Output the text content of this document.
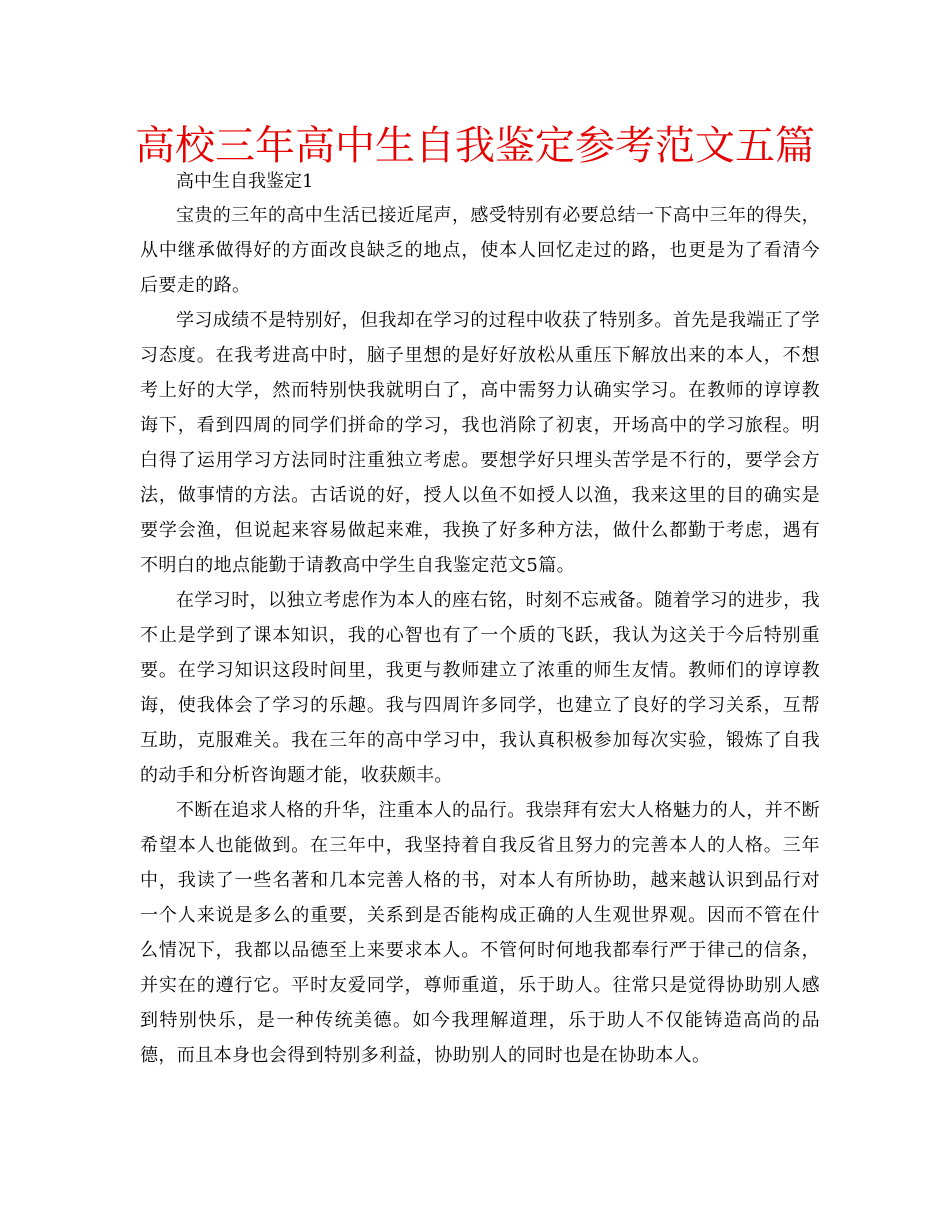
高校三年高中生自我鉴定参考范文五篇

高中生自我鉴定1

宝贵的三年的高中生活已接近尾声，感受特别有必要总结一下高中三年的得失，从中继承做得好的方面改良缺乏的地点，使本人回忆走过的路，也更是为了看清今后要走的路。

学习成绩不是特别好，但我却在学习的过程中收获了特别多。首先是我端正了学习态度。在我考进高中时，脑子里想的是好好放松从重压下解放出来的本人，不想考上好的大学，然而特别快我就明白了，高中需努力认确实学习。在教师的谆谆教诲下，看到四周的同学们拼命的学习，我也消除了初衷，开场高中的学习旅程。明白得了运用学习方法同时注重独立考虑。要想学好只埋头苦学是不行的，要学会方法，做事情的方法。古话说的好，授人以鱼不如授人以渔，我来这里的目的确实是要学会渔，但说起来容易做起来难，我换了好多种方法，做什么都勤于考虑，遇有不明白的地点能勤于请教高中学生自我鉴定范文5篇。

在学习时，以独立考虑作为本人的座右铭，时刻不忘戒备。随着学习的进步，我不止是学到了课本知识，我的心智也有了一个质的飞跃，我认为这关于今后特别重要。在学习知识这段时间里，我更与教师建立了浓重的师生友情。教师们的谆谆教诲，使我体会了学习的乐趣。我与四周许多同学，也建立了良好的学习关系，互帮互助，克服难关。我在三年的高中学习中，我认真积极参加每次实验，锻炼了自我的动手和分析咨询题才能，收获颇丰。

不断在追求人格的升华，注重本人的品行。我崇拜有宏大人格魅力的人，并不断希望本人也能做到。在三年中，我坚持着自我反省且努力的完善本人的人格。三年中，我读了一些名著和几本完善人格的书，对本人有所协助，越来越认识到品行对一个人来说是多么的重要，关系到是否能构成正确的人生观世界观。因而不管在什么情况下，我都以品德至上来要求本人。不管何时何地我都奉行严于律己的信条，并实在的遵行它。平时友爱同学，尊师重道，乐于助人。往常只是觉得协助别人感到特别快乐，是一种传统美德。如今我理解道理，乐于助人不仅能铸造高尚的品德，而且本身也会得到特别多利益，协助别人的同时也是在协助本人。
